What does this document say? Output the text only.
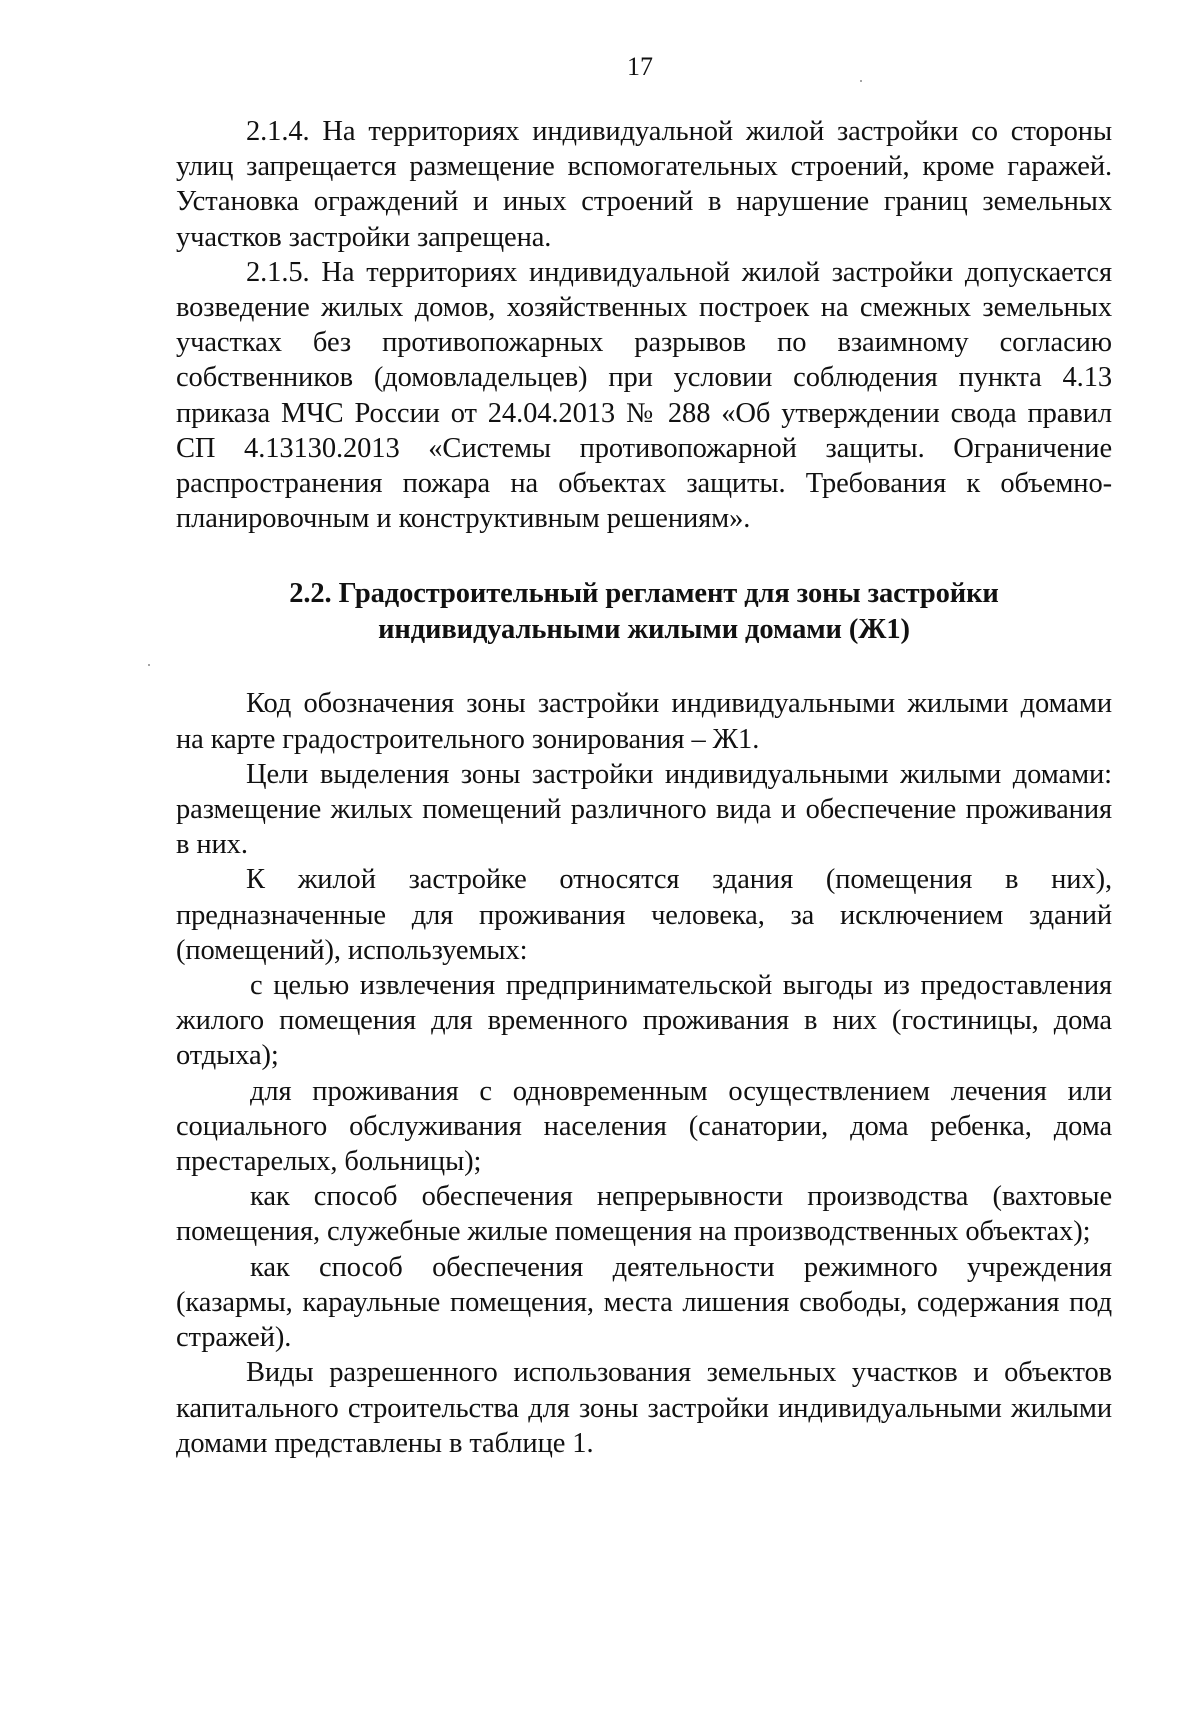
17

2.1.4. На территориях индивидуальной жилой застройки со стороны улиц запрещается размещение вспомогательных строений, кроме гаражей. Установка ограждений и иных строений в нарушение границ земельных участков застройки запрещена.

2.1.5. На территориях индивидуальной жилой застройки допускается возведение жилых домов, хозяйственных построек на смежных земельных участках без противопожарных разрывов по взаимному согласию собственников (домовладельцев) при условии соблюдения пункта 4.13 приказа МЧС России от 24.04.2013 № 288 «Об утверждении свода правил СП 4.13130.2013 «Системы противопожарной защиты. Ограничение распространения пожара на объектах защиты. Требования к объемно-планировочным и конструктивным решениям».

2.2. Градостроительный регламент для зоны застройки
индивидуальными жилыми домами (Ж1)

Код обозначения зоны застройки индивидуальными жилыми домами на карте градостроительного зонирования – Ж1.

Цели выделения зоны застройки индивидуальными жилыми домами: размещение жилых помещений различного вида и обеспечение проживания в них.

К жилой застройке относятся здания (помещения в них), предназначенные для проживания человека, за исключением зданий (помещений), используемых:

с целью извлечения предпринимательской выгоды из предоставления жилого помещения для временного проживания в них (гостиницы, дома отдыха);

для проживания с одновременным осуществлением лечения или социального обслуживания населения (санатории, дома ребенка, дома престарелых, больницы);

как способ обеспечения непрерывности производства (вахтовые помещения, служебные жилые помещения на производственных объектах);

как способ обеспечения деятельности режимного учреждения (казармы, караульные помещения, места лишения свободы, содержания под стражей).

Виды разрешенного использования земельных участков и объектов капитального строительства для зоны застройки индивидуальными жилыми домами представлены в таблице 1.
